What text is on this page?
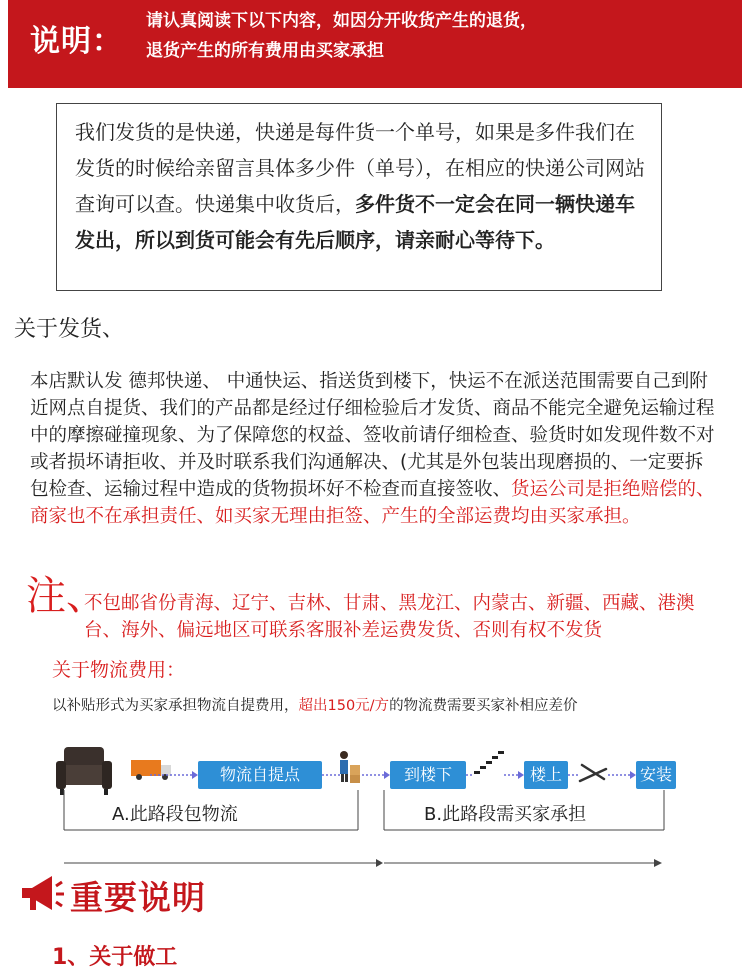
说明：
请认真阅读下以下内容，如因分开收货产生的退货，
退货产生的所有费用由买家承担
我们发货的是快递，快递是每件货一个单号，如果是多件我们在发货的时候给亲留言具体多少件（单号），在相应的快递公司网站查询可以查。快递集中收货后，多件货不一定会在同一辆快递车发出，所以到货可能会有先后顺序，请亲耐心等待下。
关于发货、
本店默认发 德邦快递、 中通快运、指送货到楼下，快运不在派送范围需要自己到附近网点自提货、我们的产品都是经过仔细检验后才发货、商品不能完全避免运输过程中的摩擦碰撞现象、为了保障您的权益、签收前请仔细检查、验货时如发现件数不对或者损坏请拒收、并及时联系我们沟通解决、(尤其是外包装出现磨损的、一定要拆包检查、运输过程中造成的货物损坏好不检查而直接签收、货运公司是拒绝赔偿的、商家也不在承担责任、如买家无理由拒签、产生的全部运费均由买家承担。
注、
不包邮省份青海、辽宁、吉林、甘肃、黑龙江、内蒙古、新疆、西藏、港澳台、海外、偏远地区可联系客服补差运费发货、否则有权不发货
关于物流费用：
以补贴形式为买家承担物流自提费用，超出150元/方的物流费需要买家补相应差价
物流自提点	到楼下	楼上	安装
A.此路段包物流	B.此路段需买家承担
重要说明
1、关于做工
